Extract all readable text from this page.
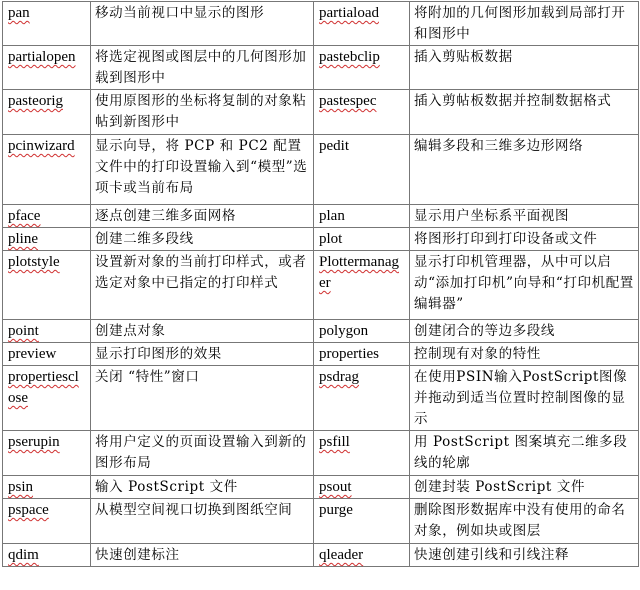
pan	移动当前视口中显示的图形	partiaload	将附加的几何图形加载到局部打开和图形中
partialopen	将选定视图或图层中的几何图形加载到图形中	pastebclip	插入剪贴板数据
pasteorig	使用原图形的坐标将复制的对象粘帖到新图形中	pastespec	插入剪帖板数据并控制数据格式
pcinwizard	显示向导，将 PCP 和 PC2 配置文件中的打印设置输入到“模型”选项卡或当前布局	pedit	编辑多段和三维多边形网络
pface	逐点创建三维多面网格	plan	显示用户坐标系平面视图
pline	创建二维多段线	plot	将图形打印到打印设备或文件
plotstyle	设置新对象的当前打印样式，或者选定对象中已指定的打印样式	Plottermanager	显示打印机管理器，从中可以启动“添加打印机”向导和“打印机配置编辑器”
point	创建点对象	polygon	创建闭合的等边多段线
preview	显示打印图形的效果	properties	控制现有对象的特性
propertiesclose	关闭 “特性”窗口	psdrag	在使用PSIN输入PostScript图像并拖动到适当位置时控制图像的显示
pserupin	将用户定义的页面设置输入到新的图形布局	psfill	用 PostScript 图案填充二维多段线的轮廓
psin	输入 PostScript 文件	psout	创建封装 PostScript 文件
pspace	从模型空间视口切换到图纸空间	purge	删除图形数据库中没有使用的命名对象，例如块或图层
qdim	快速创建标注	qleader	快速创建引线和引线注释
